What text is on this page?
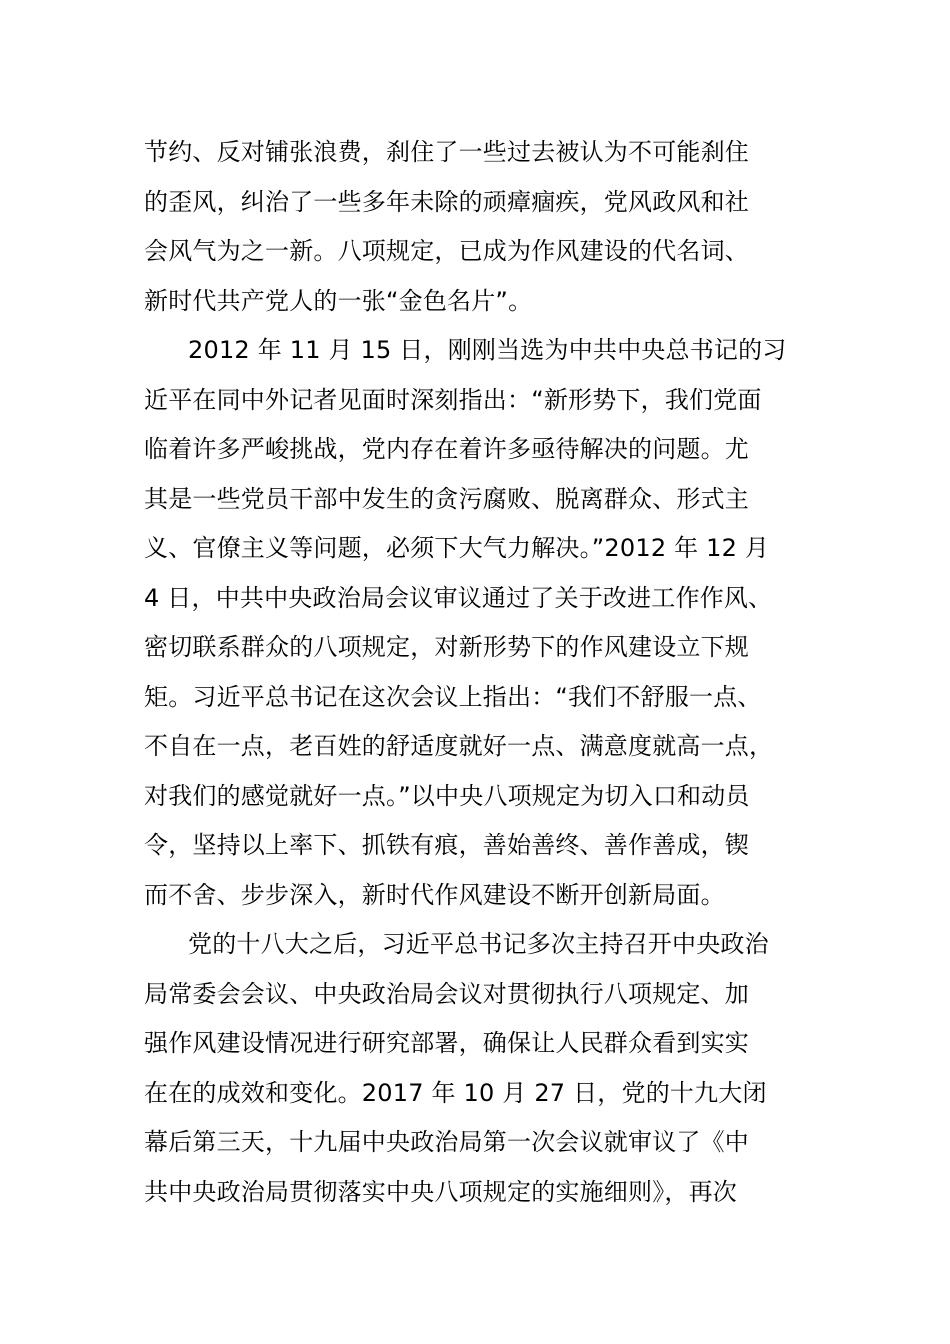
节约、反对铺张浪费，刹住了一些过去被认为不可能刹住
的歪风，纠治了一些多年未除的顽瘴痼疾，党风政风和社
会风气为之一新。八项规定，已成为作风建设的代名词、
新时代共产党人的一张“金色名片”。

2012 年 11 月 15 日，刚刚当选为中共中央总书记的习
近平在同中外记者见面时深刻指出：“新形势下，我们党面
临着许多严峻挑战，党内存在着许多亟待解决的问题。尤
其是一些党员干部中发生的贪污腐败、脱离群众、形式主
义、官僚主义等问题，必须下大气力解决。”2012 年 12 月
4 日，中共中央政治局会议审议通过了关于改进工作作风、
密切联系群众的八项规定，对新形势下的作风建设立下规
矩。习近平总书记在这次会议上指出：“我们不舒服一点、
不自在一点，老百姓的舒适度就好一点、满意度就高一点，
对我们的感觉就好一点。”以中央八项规定为切入口和动员
令，坚持以上率下、抓铁有痕，善始善终、善作善成，锲
而不舍、步步深入，新时代作风建设不断开创新局面。

党的十八大之后，习近平总书记多次主持召开中央政治
局常委会会议、中央政治局会议对贯彻执行八项规定、加
强作风建设情况进行研究部署，确保让人民群众看到实实
在在的成效和变化。2017 年 10 月 27 日，党的十九大闭
幕后第三天，十九届中央政治局第一次会议就审议了《中
共中央政治局贯彻落实中央八项规定的实施细则》，再次
